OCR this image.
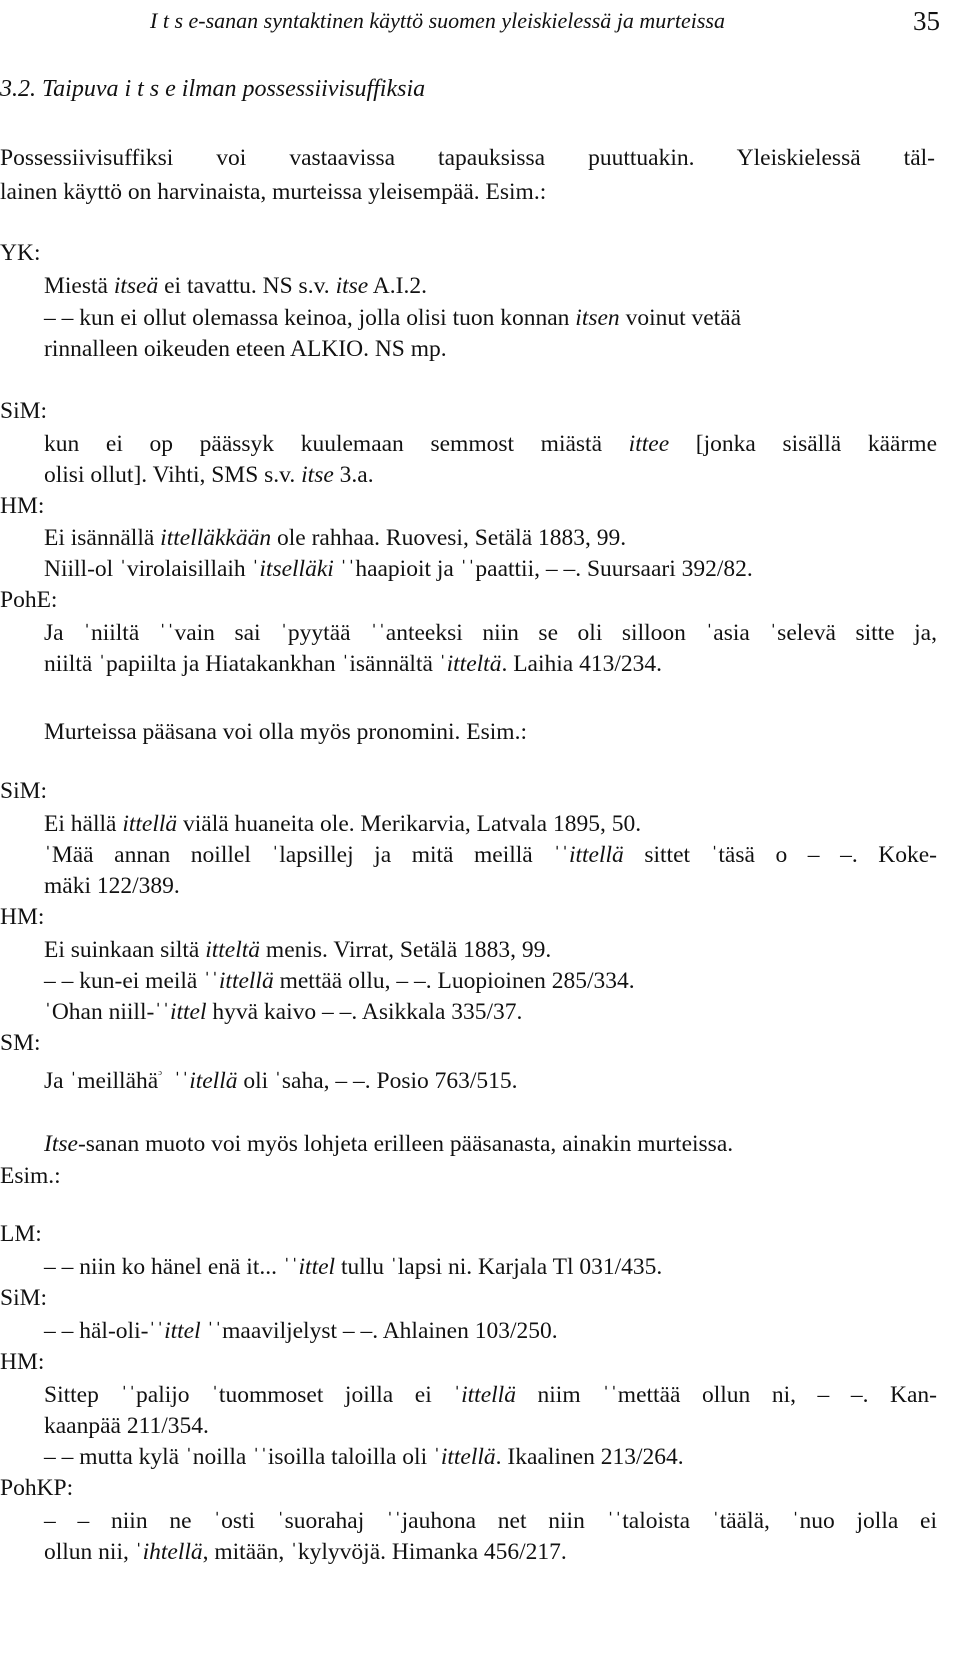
I t s e-sanan syntaktinen käyttö suomen yleiskielessä ja murteissa	35
3.2. Taipuva i t s e ilman possessiivisuffiksia
Possessiivisuffiksi voi vastaavissa tapauksissa puuttuakin. Yleiskielessä täl-
lainen käyttö on harvinaista, murteissa yleisempää. Esim.:
YK:
Miestä itseä ei tavattu. NS s.v. itse A.I.2.
– – kun ei ollut olemassa keinoa, jolla olisi tuon konnan itsen voinut vetää
rinnalleen oikeuden eteen ALKIO. NS mp.
SiM:
kun ei op päässyk kuulemaan semmost miästä ittee [jonka sisällä käärme
olisi ollut]. Vihti, SMS s.v. itse 3.a.
HM:
Ei isännällä ittelläkkään ole rahhaa. Ruovesi, Setälä 1883, 99.
Niill-ol ˈvirolaisillaih ˈitselläki ˈˈhaapioit ja ˈˈpaattii, – –. Suursaari 392/82.
PohE:
Ja ˈniiltä ˈˈvain sai ˈpyytää ˈˈanteeksi niin se oli silloon ˈasia ˈselevä sitte ja,
niiltä ˈpapiilta ja Hiatakankhan ˈisännältä ˈitteltä. Laihia 413/234.
Murteissa pääsana voi olla myös pronomini. Esim.:
SiM:
Ei hällä ittellä viälä huaneita ole. Merikarvia, Latvala 1895, 50.
ˈMää annan noillel ˈlapsillej ja mitä meillä ˈˈittellä sittet ˈtäsä o – –. Koke-
mäki 122/389.
HM:
Ei suinkaan siltä itteltä menis. Virrat, Setälä 1883, 99.
– – kun-ei meilä ˈˈittellä mettää ollu, – –. Luopioinen 285/334.
ˈOhan niill-ˈˈittel hyvä kaivo – –. Asikkala 335/37.
SM:
Ja ˈmeillähä$^ᵓ$  ˈˈitellä oli ˈsaha, – –. Posio 763/515.
Itse-sanan muoto voi myös lohjeta erilleen pääsanasta, ainakin murteissa.
Esim.:
LM:
– – niin ko hänel enä it... ˈˈittel tullu ˈlapsi ni. Karjala Tl 031/435.
SiM:
– – häl-oli-ˈˈittel ˈˈmaaviljelyst – –. Ahlainen 103/250.
HM:
Sittep ˈˈpalijo ˈtuommoset joilla ei ˈittellä niim ˈˈmettää ollun ni, – –. Kan-
kaanpää 211/354.
– – mutta kylä ˈnoilla ˈˈisoilla taloilla oli ˈittellä. Ikaalinen 213/264.
PohKP:
– – niin ne ˈosti ˈsuorahaj ˈˈjauhona net niin ˈˈtaloista ˈtäälä, ˈnuo jolla ei
ollun nii, ˈihtellä, mitään, ˈkylyvöjä. Himanka 456/217.
